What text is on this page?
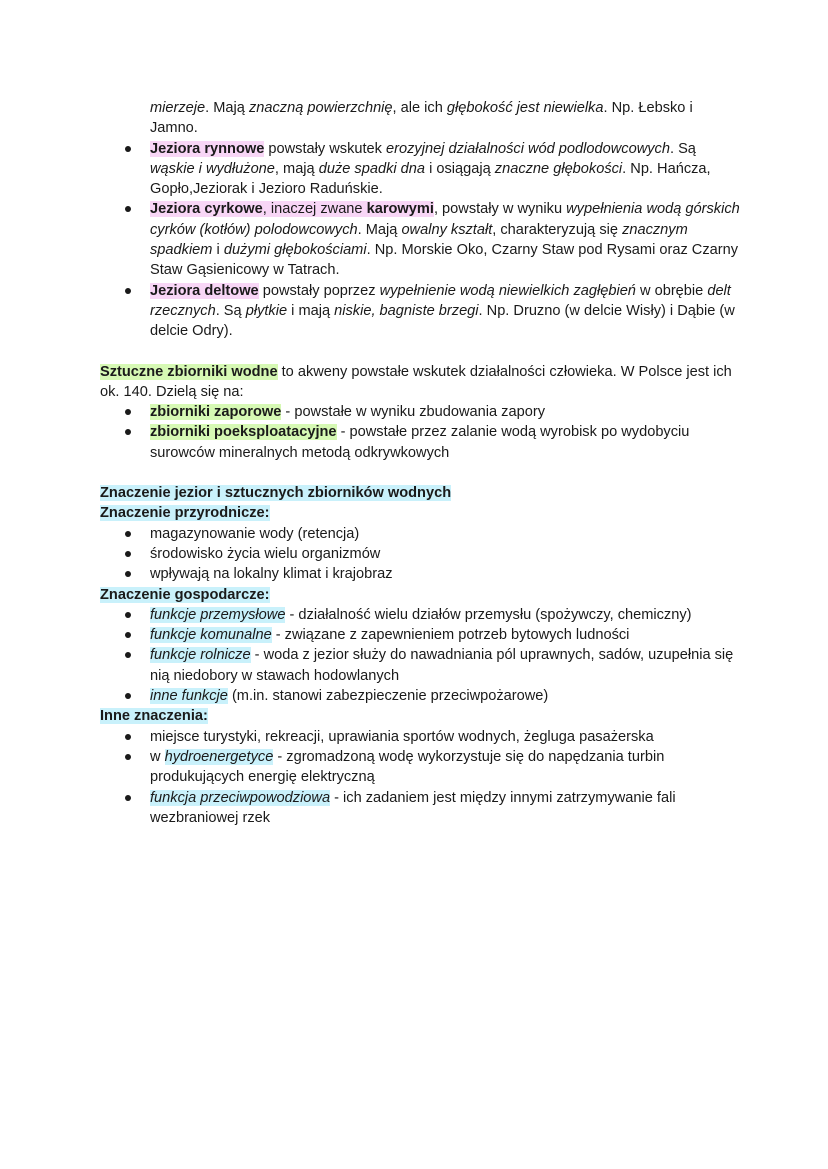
mierzeje. Mają znaczną powierzchnię, ale ich głębokość jest niewielka. Np. Łebsko i Jamno.
Jeziora rynnowe powstały wskutek erozyjnej działalności wód podlodowcowych. Są wąskie i wydłużone, mają duże spadki dna i osiągają znaczne głębokości. Np. Hańcza, Gopło,Jeziorak i Jezioro Raduńskie.
Jeziora cyrkowe, inaczej zwane karowymi, powstały w wyniku wypełnienia wodą górskich cyrków (kotłów) polodowcowych. Mają owalny kształt, charakteryzują się znacznym spadkiem i dużymi głębokościami. Np. Morskie Oko, Czarny Staw pod Rysami oraz Czarny Staw Gąsienicowy w Tatrach.
Jeziora deltowe powstały poprzez wypełnienie wodą niewielkich zagłębień w obrębie delt rzecznych. Są płytkie i mają niskie, bagniste brzegi. Np. Druzno (w delcie Wisły) i Dąbie (w delcie Odry).

Sztuczne zbiorniki wodne to akweny powstałe wskutek działalności człowieka. W Polsce jest ich ok. 140. Dzielą się na:

zbiorniki zaporowe - powstałe w wyniku zbudowania zapory
zbiorniki poeksploatacyjne - powstałe przez zalanie wodą wyrobisk po wydobyciu surowców mineralnych metodą odkrywkowych

Znaczenie jezior i sztucznych zbiorników wodnych

Znaczenie przyrodnicze:

magazynowanie wody (retencja)
środowisko życia wielu organizmów
wpływają na lokalny klimat i krajobraz

Znaczenie gospodarcze:

funkcje przemysłowe - działalność wielu działów przemysłu (spożywczy, chemiczny)
funkcje komunalne - związane z zapewnieniem potrzeb bytowych ludności
funkcje rolnicze - woda z jezior służy do nawadniania pól uprawnych, sadów, uzupełnia się nią niedobory w stawach hodowlanych
inne funkcje (m.in. stanowi zabezpieczenie przeciwpożarowe)

Inne znaczenia:

miejsce turystyki, rekreacji, uprawiania sportów wodnych, żegluga pasażerska
w hydroenergetyce - zgromadzoną wodę wykorzystuje się do napędzania turbin produkujących energię elektryczną
funkcja przeciwpowodziowa - ich zadaniem jest między innymi zatrzymywanie fali wezbraniowej rzek
